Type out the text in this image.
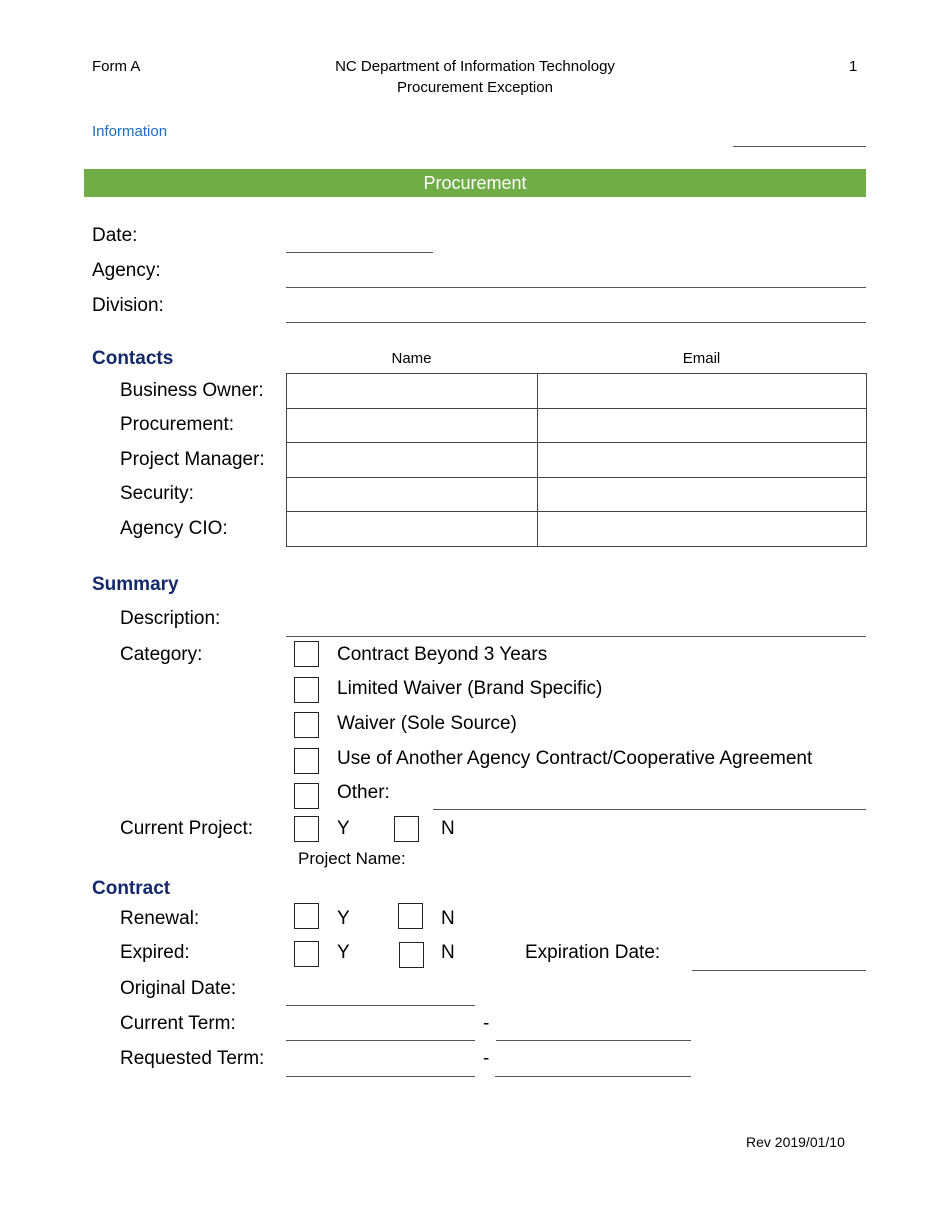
Form A	NC Department of Information Technology
Procurement Exception
1
Information
Procurement
Date:
Agency:
Division:
Contacts	Name	Email
Business Owner:
Procurement:
Project Manager:
Security:
Agency CIO:

Summary
Description:
Category:	Contract Beyond 3 Years
Limited Waiver (Brand Specific)
Waiver (Sole Source)
Use of Another Agency Contract/Cooperative Agreement
Other:
Current Project:	Y	N
Project Name:
Contract
Renewal:	Y	N
Expired:	Y	N	Expiration Date:
Original Date:
Current Term:	-
Requested Term:	-
Rev 2019/01/10
